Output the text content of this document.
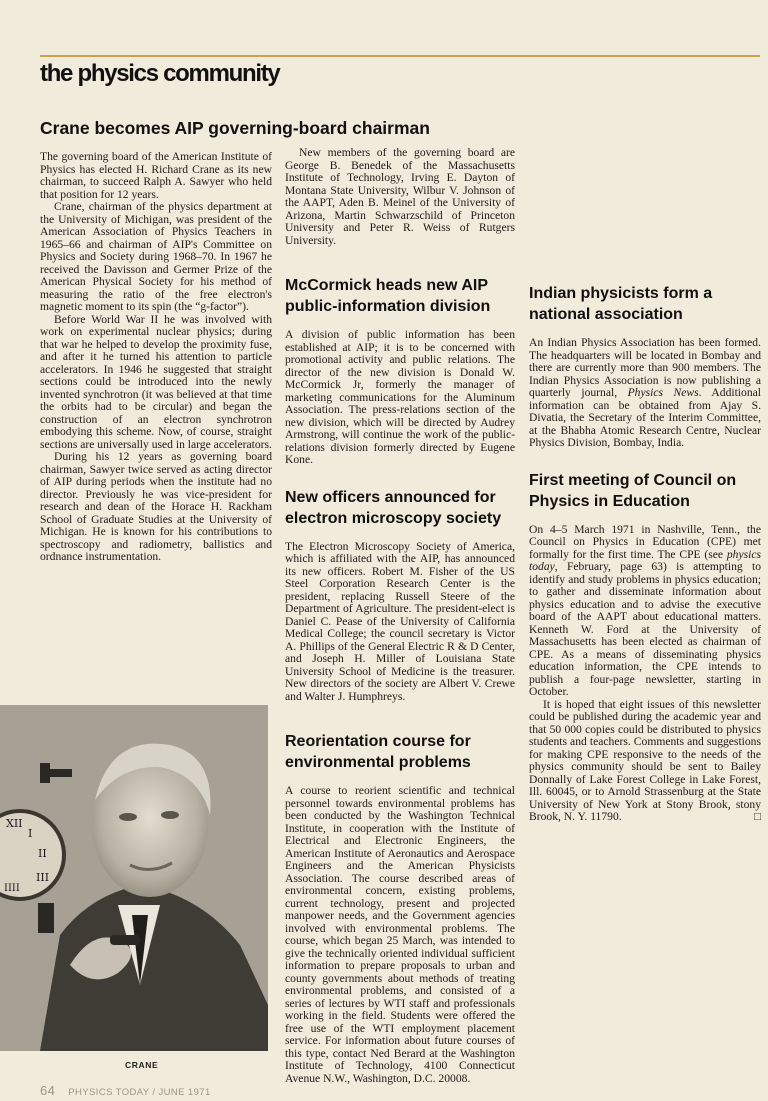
the physics community
Crane becomes AIP governing-board chairman

The governing board of the American Institute of Physics has elected H. Richard Crane as its new chairman, to succeed Ralph A. Sawyer who held that position for 12 years.

Crane, chairman of the physics department at the University of Michigan, was president of the American Association of Physics Teachers in 1965–66 and chairman of AIP's Committee on Physics and Society during 1968–70. In 1967 he received the Davisson and Germer Prize of the American Physical Society for his method of measuring the ratio of the free electron's magnetic moment to its spin (the “g-factor”).

Before World War II he was involved with work on experimental nuclear physics; during that war he helped to develop the proximity fuse, and after it he turned his attention to particle accelerators. In 1946 he suggested that straight sections could be introduced into the newly invented synchrotron (it was believed at that time the orbits had to be circular) and began the construction of an electron synchrotron embodying this scheme. Now, of course, straight sections are universally used in large accelerators.

During his 12 years as governing board chairman, Sawyer twice served as acting director of AIP during periods when the institute had no director. Previously he was vice-president for research and dean of the Horace H. Rackham School of Graduate Studies at the University of Michigan. He is known for his contributions to spectroscopy and radiometry, ballistics and ordnance instrumentation.

New members of the governing board are George B. Benedek of the Massachusetts Institute of Technology, Irving E. Dayton of Montana State University, Wilbur V. Johnson of the AAPT, Aden B. Meinel of the University of Arizona, Martin Schwarzschild of Princeton University and Peter R. Weiss of Rutgers University.

McCormick heads new AIP public-information division

A division of public information has been established at AIP; it is to be concerned with promotional activity and public relations. The director of the new division is Donald W. McCormick Jr, formerly the manager of marketing communications for the Aluminum Association. The press-relations section of the new division, which will be directed by Audrey Armstrong, will continue the work of the public-relations division formerly directed by Eugene Kone.

New officers announced for electron microscopy society

The Electron Microscopy Society of America, which is affiliated with the AIP, has announced its new officers. Robert M. Fisher of the US Steel Corporation Research Center is the president, replacing Russell Steere of the Department of Agriculture. The president-elect is Daniel C. Pease of the University of California Medical College; the council secretary is Victor A. Phillips of the General Electric R & D Center, and Joseph H. Miller of Louisiana State University School of Medicine is the treasurer. New directors of the society are Albert V. Crewe and Walter J. Humphreys.

Reorientation course for environmental problems

A course to reorient scientific and technical personnel towards environmental problems has been conducted by the Washington Technical Institute, in cooperation with the Institute of Electrical and Electronic Engineers, the American Institute of Aeronautics and Aerospace Engineers and the American Physicists Association. The course described areas of environmental concern, existing problems, current technology, present and projected manpower needs, and the Government agencies involved with environmental problems. The course, which began 25 March, was intended to give the technically oriented individual sufficient information to prepare proposals to urban and county governments about methods of treating environmental problems, and consisted of a series of lectures by WTI staff and professionals working in the field. Students were offered the free use of the WTI employment placement service. For information about future courses of this type, contact Ned Berard at the Washington Institute of Technology, 4100 Connecticut Avenue N.W., Washington, D.C. 20008.

Indian physicists form a national association

An Indian Physics Association has been formed. The headquarters will be located in Bombay and there are currently more than 900 members. The Indian Physics Association is now publishing a quarterly journal, Physics News. Additional information can be obtained from Ajay S. Divatia, the Secretary of the Interim Committee, at the Bhabha Atomic Research Centre, Nuclear Physics Division, Bombay, India.

First meeting of Council on Physics in Education

On 4–5 March 1971 in Nashville, Tenn., the Council on Physics in Education (CPE) met formally for the first time. The CPE (see physics today, February, page 63) is attempting to identify and study problems in physics education; to gather and disseminate information about physics education and to advise the executive board of the AAPT about educational matters. Kenneth W. Ford at the University of Massachusetts has been elected as chairman of CPE. As a means of disseminating physics education information, the CPE intends to publish a four-page newsletter, starting in October.

It is hoped that eight issues of this newsletter could be published during the academic year and that 50 000 copies could be distributed to physics students and teachers. Comments and suggestions for making CPE responsive to the needs of the physics community should be sent to Bailey Donnally of Lake Forest College in Lake Forest, Ill. 60045, or to Arnold Strassenburg at the State University of New York at Stony Brook, stony Brook, N. Y. 11790.	□

XII
I
II
III
IIII

CRANE

64 PHYSICS TODAY / JUNE 1971
